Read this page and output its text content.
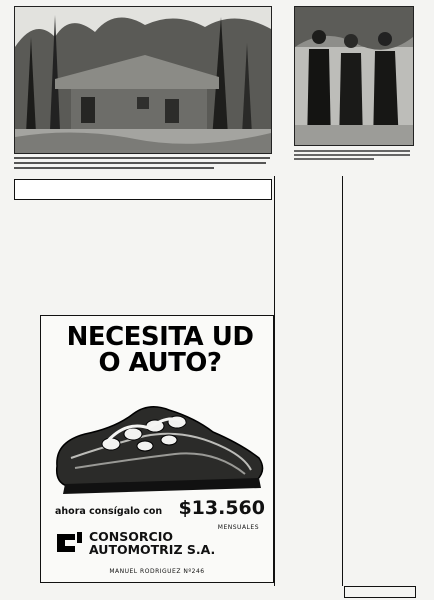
NECESITA UD
O AUTO?
ahora consígalo con $13.560
MENSUALES
CONSORCIO
AUTOMOTRIZ S.A.
MANUEL RODRIGUEZ Nº246
